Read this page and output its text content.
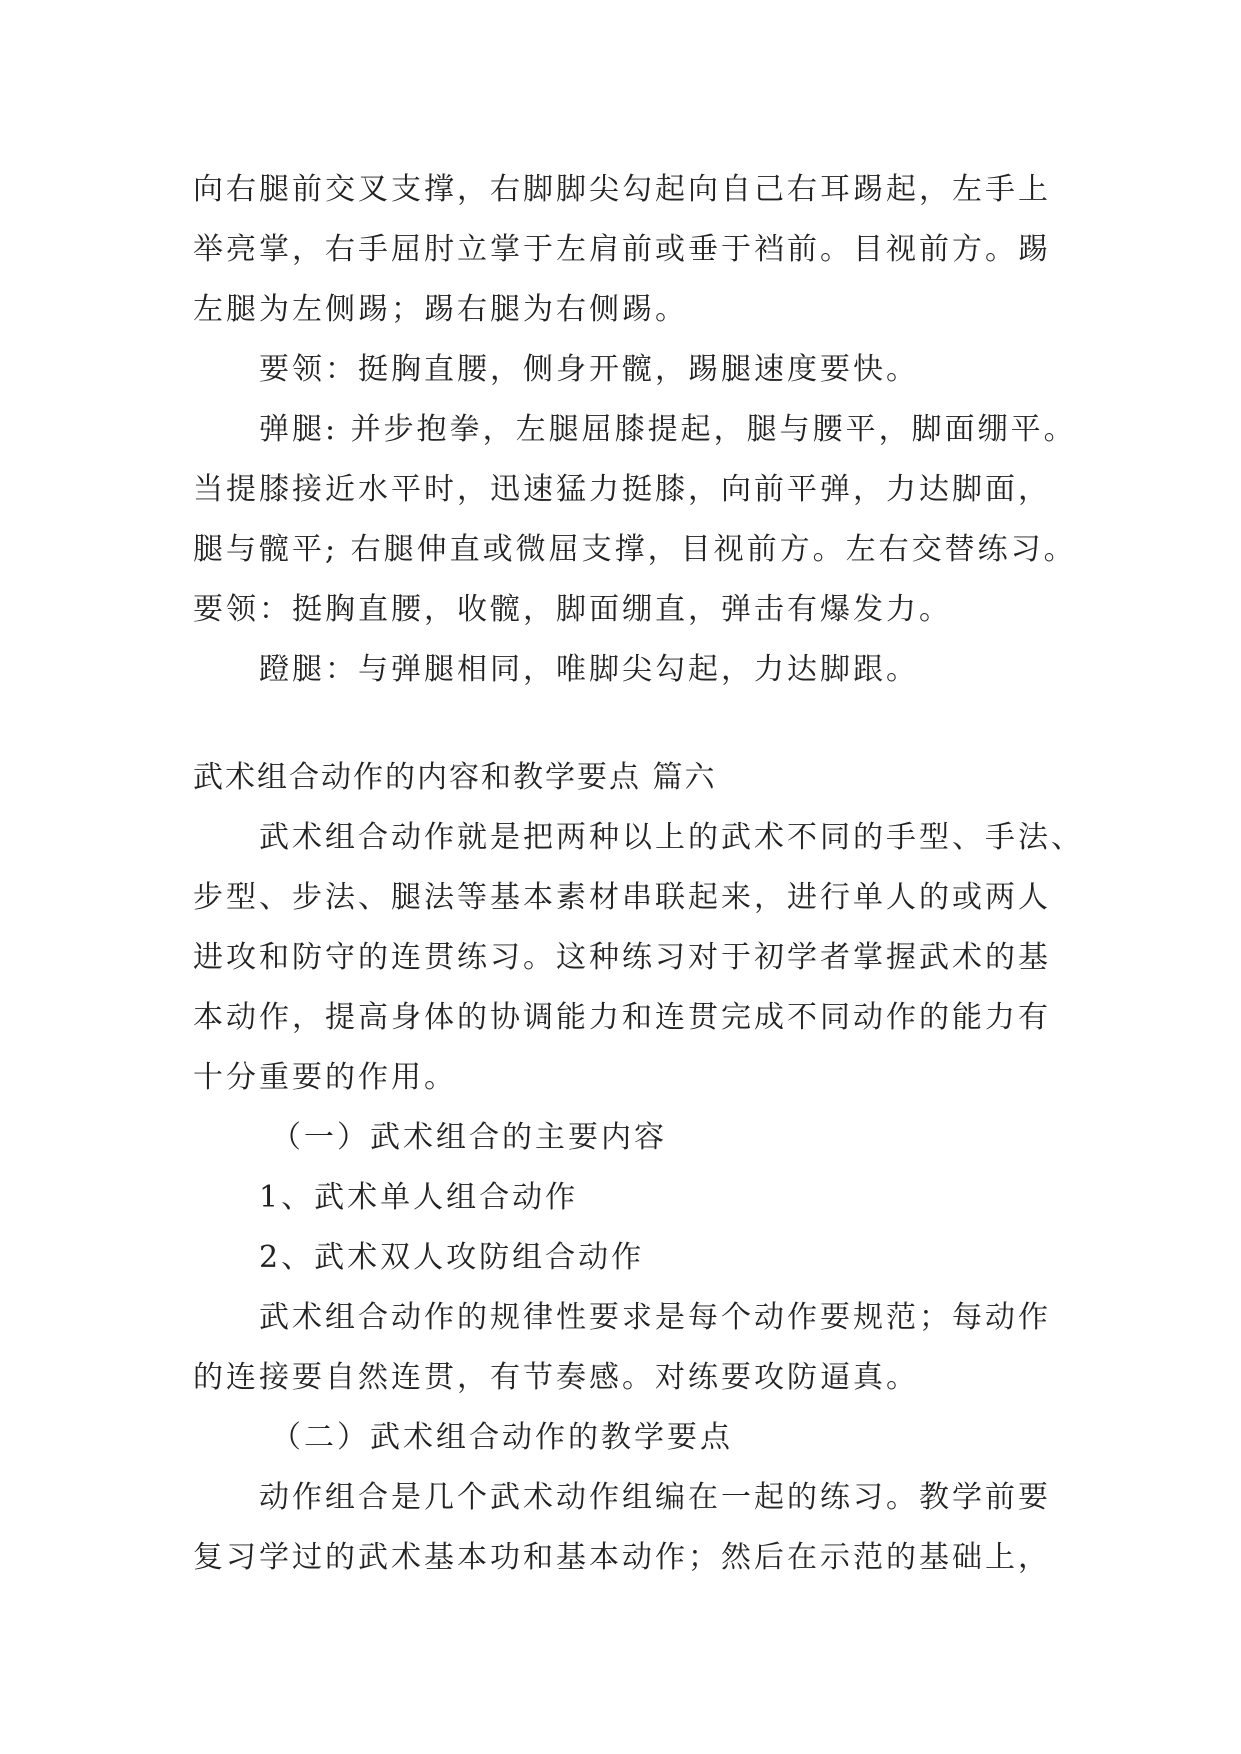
向右腿前交叉支撑，右脚脚尖勾起向自己右耳踢起，左手上
举亮掌，右手屈肘立掌于左肩前或垂于裆前。目视前方。踢
左腿为左侧踢；踢右腿为右侧踢。
要领：挺胸直腰，侧身开髋，踢腿速度要快。
弹腿: 并步抱拳，左腿屈膝提起，腿与腰平，脚面绷平。
当提膝接近水平时，迅速猛力挺膝，向前平弹，力达脚面，
腿与髋平; 右腿伸直或微屈支撑，目视前方。左右交替练习。
要领：挺胸直腰，收髋，脚面绷直，弹击有爆发力。
蹬腿：与弹腿相同，唯脚尖勾起，力达脚跟。
武术组合动作的内容和教学要点 篇六
武术组合动作就是把两种以上的武术不同的手型、手法、
步型、步法、腿法等基本素材串联起来，进行单人的或两人
进攻和防守的连贯练习。这种练习对于初学者掌握武术的基
本动作，提高身体的协调能力和连贯完成不同动作的能力有
十分重要的作用。
（一）武术组合的主要内容
1、武术单人组合动作
2、武术双人攻防组合动作
武术组合动作的规律性要求是每个动作要规范；每动作
的连接要自然连贯，有节奏感。对练要攻防逼真。
（二）武术组合动作的教学要点
动作组合是几个武术动作组编在一起的练习。教学前要
复习学过的武术基本功和基本动作；然后在示范的基础上，
